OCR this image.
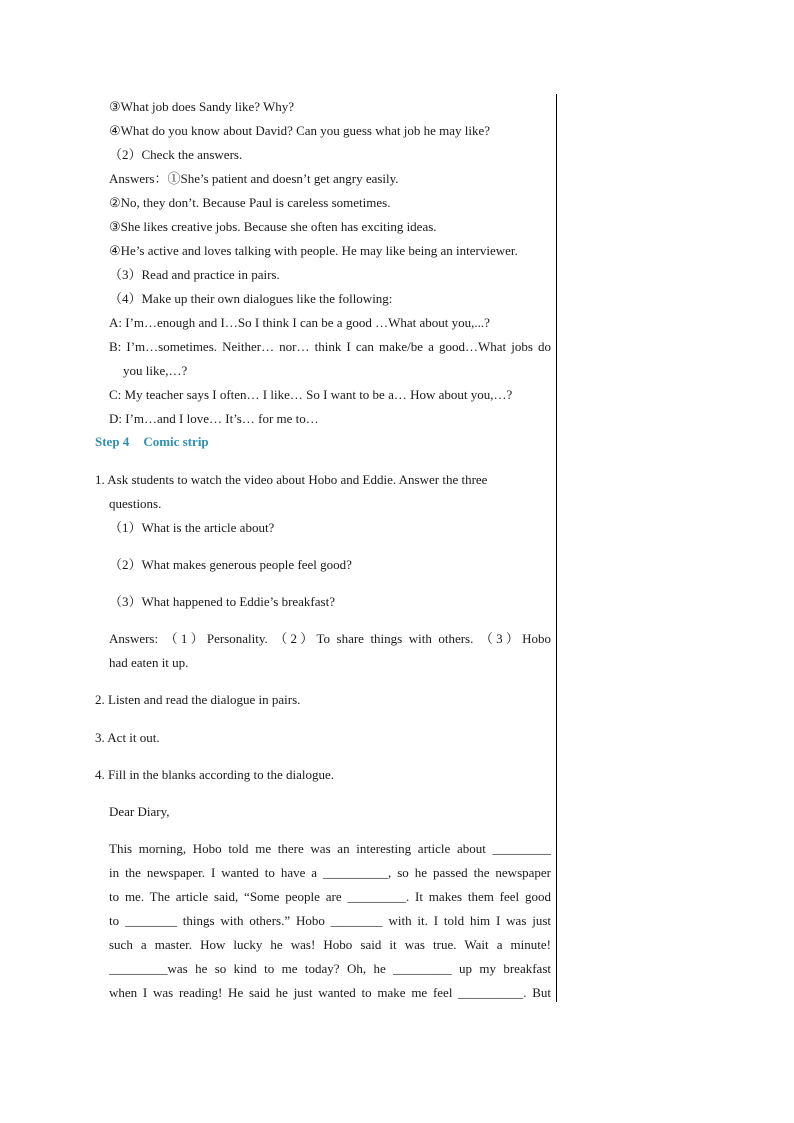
③What job does Sandy like? Why?
④What do you know about David? Can you guess what job he may like?
（2）Check the answers.
Answers：①She’s patient and doesn’t get angry easily.
②No, they don’t. Because Paul is careless sometimes.
③She likes creative jobs. Because she often has exciting ideas.
④He’s active and loves talking with people. He may like being an interviewer.
（3）Read and practice in pairs.
（4）Make up their own dialogues like the following:
A: I’m…enough and I…So I think I can be a good …What about you,...?
B: I’m…sometimes. Neither… nor… think I can make/be a good…What jobs do
you like,…?
C: My teacher says I often… I like… So I want to be a… How about you,…?
D: I’m…and I love… It’s… for me to…
Step 4 Comic strip
1. Ask students to watch the video about Hobo and Eddie. Answer the three
questions.
（1）What is the article about?
（2）What makes generous people feel good?
（3）What happened to Eddie’s breakfast?
Answers: （1）Personality. （2）To share things with others. （3）Hobo
had eaten it up.
2. Listen and read the dialogue in pairs.
3. Act it out.
4. Fill in the blanks according to the dialogue.
Dear Diary,
This morning, Hobo told me there was an interesting article about _________
in the newspaper. I wanted to have a __________, so he passed the newspaper
to me. The article said, “Some people are _________. It makes them feel good
to ________ things with others.” Hobo ________ with it. I told him I was just
such a master. How lucky he was! Hobo said it was true. Wait a minute!
_________was he so kind to me today? Oh, he _________ up my breakfast
when I was reading! He said he just wanted to make me feel __________. But
